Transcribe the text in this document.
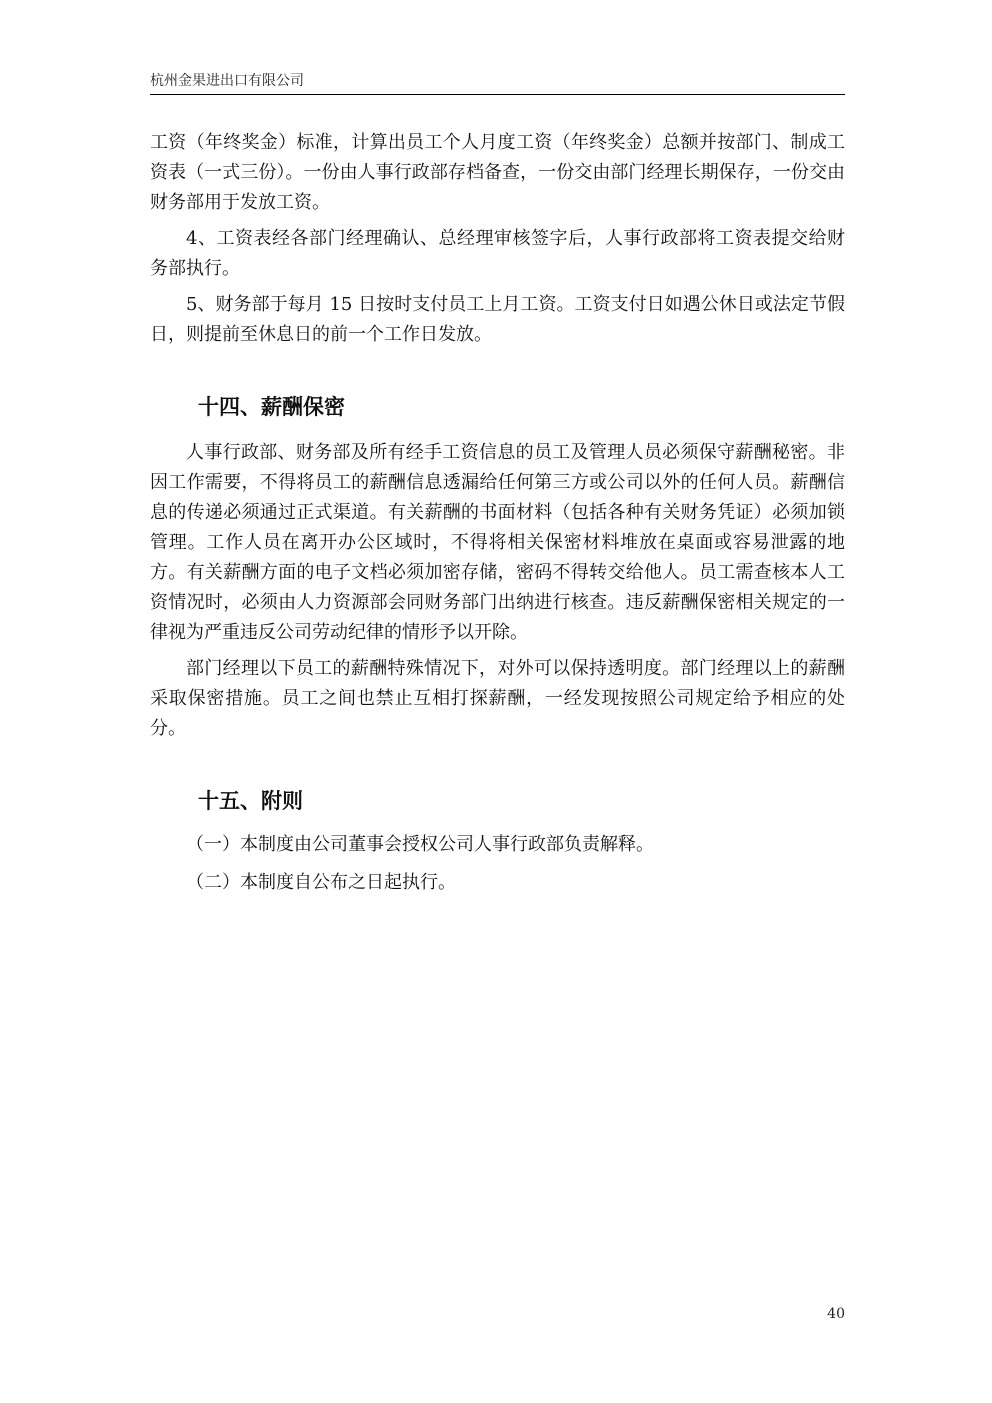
杭州金果进出口有限公司

工资（年终奖金）标准，计算出员工个人月度工资（年终奖金）总额并按部门、制成工资表（一式三份）。一份由人事行政部存档备查，一份交由部门经理长期保存，一份交由财务部用于发放工资。

4、工资表经各部门经理确认、总经理审核签字后，人事行政部将工资表提交给财务部执行。

5、财务部于每月 15 日按时支付员工上月工资。工资支付日如遇公休日或法定节假日，则提前至休息日的前一个工作日发放。

十四、薪酬保密

人事行政部、财务部及所有经手工资信息的员工及管理人员必须保守薪酬秘密。非因工作需要，不得将员工的薪酬信息透漏给任何第三方或公司以外的任何人员。薪酬信息的传递必须通过正式渠道。有关薪酬的书面材料（包括各种有关财务凭证）必须加锁管理。工作人员在离开办公区域时，不得将相关保密材料堆放在桌面或容易泄露的地方。有关薪酬方面的电子文档必须加密存储，密码不得转交给他人。员工需查核本人工资情况时，必须由人力资源部会同财务部门出纳进行核查。违反薪酬保密相关规定的一律视为严重违反公司劳动纪律的情形予以开除。

部门经理以下员工的薪酬特殊情况下，对外可以保持透明度。部门经理以上的薪酬采取保密措施。员工之间也禁止互相打探薪酬，一经发现按照公司规定给予相应的处分。

十五、附则

（一）本制度由公司董事会授权公司人事行政部负责解释。

（二）本制度自公布之日起执行。

40
